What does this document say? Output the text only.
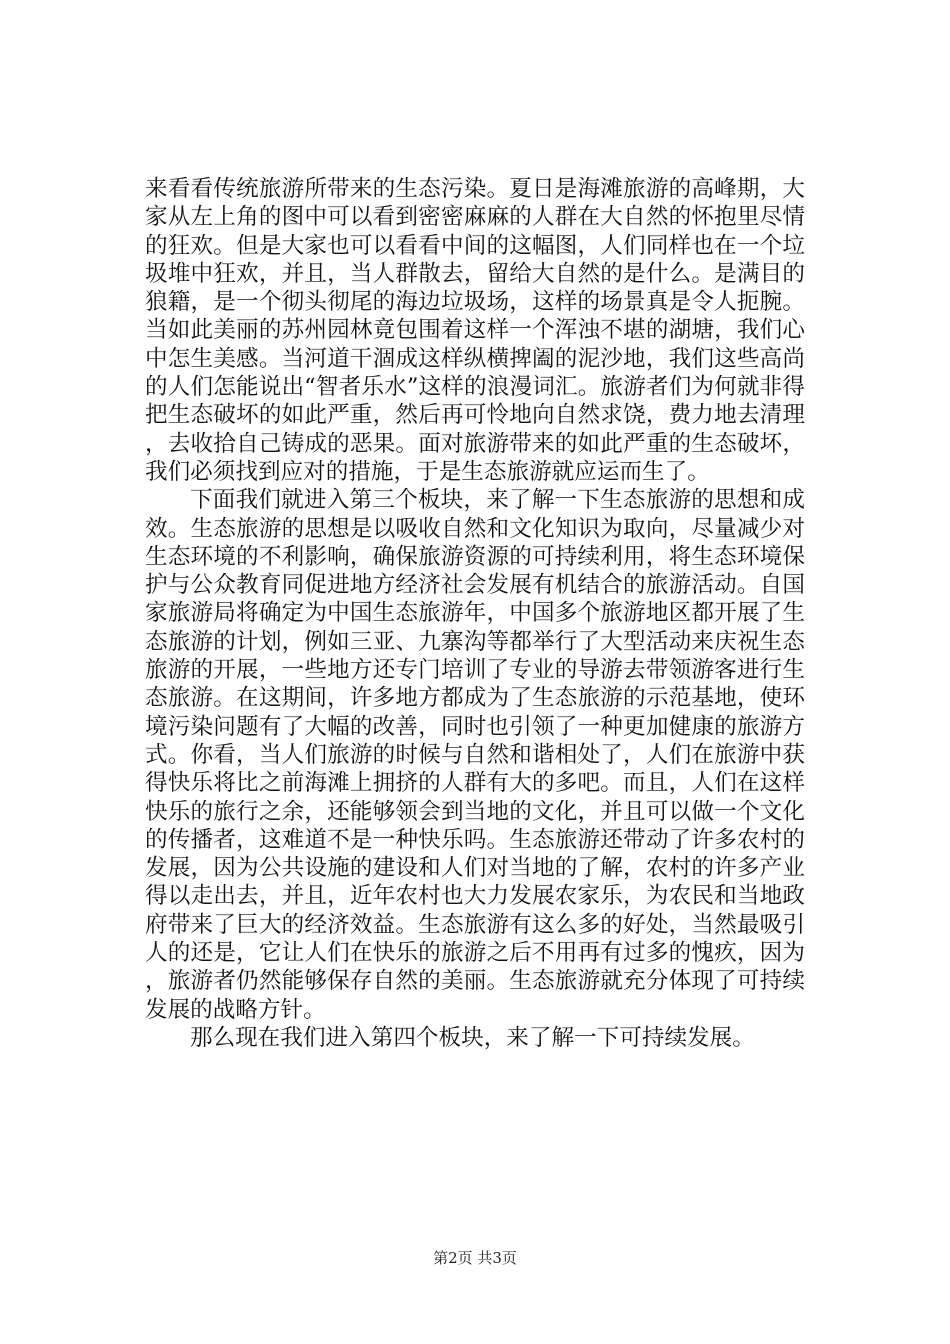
来看看传统旅游所带来的生态污染。夏日是海滩旅游的高峰期，大家从左上角的图中可以看到密密麻麻的人群在大自然的怀抱里尽情的狂欢。但是大家也可以看看中间的这幅图，人们同样也在一个垃圾堆中狂欢，并且，当人群散去，留给大自然的是什么。是满目的狼籍，是一个彻头彻尾的海边垃圾场，这样的场景真是令人扼腕。当如此美丽的苏州园林竟包围着这样一个浑浊不堪的湖塘，我们心中怎生美感。当河道干涸成这样纵横捭阖的泥沙地，我们这些高尚的人们怎能说出“智者乐水”这样的浪漫词汇。旅游者们为何就非得把生态破坏的如此严重，然后再可怜地向自然求饶，费力地去清理，去收拾自己铸成的恶果。面对旅游带来的如此严重的生态破坏，我们必须找到应对的措施，于是生态旅游就应运而生了。

下面我们就进入第三个板块，来了解一下生态旅游的思想和成效。生态旅游的思想是以吸收自然和文化知识为取向，尽量减少对生态环境的不利影响，确保旅游资源的可持续利用，将生态环境保护与公众教育同促进地方经济社会发展有机结合的旅游活动。自国家旅游局将确定为中国生态旅游年，中国多个旅游地区都开展了生态旅游的计划，例如三亚、九寨沟等都举行了大型活动来庆祝生态旅游的开展，一些地方还专门培训了专业的导游去带领游客进行生态旅游。在这期间，许多地方都成为了生态旅游的示范基地，使环境污染问题有了大幅的改善，同时也引领了一种更加健康的旅游方式。你看，当人们旅游的时候与自然和谐相处了，人们在旅游中获得快乐将比之前海滩上拥挤的人群有大的多吧。而且，人们在这样快乐的旅行之余，还能够领会到当地的文化，并且可以做一个文化的传播者，这难道不是一种快乐吗。生态旅游还带动了许多农村的发展，因为公共设施的建设和人们对当地的了解，农村的许多产业得以走出去，并且，近年农村也大力发展农家乐，为农民和当地政府带来了巨大的经济效益。生态旅游有这么多的好处，当然最吸引人的还是，它让人们在快乐的旅游之后不用再有过多的愧疚，因为，旅游者仍然能够保存自然的美丽。生态旅游就充分体现了可持续发展的战略方针。

那么现在我们进入第四个板块，来了解一下可持续发展。

第2页 共3页
